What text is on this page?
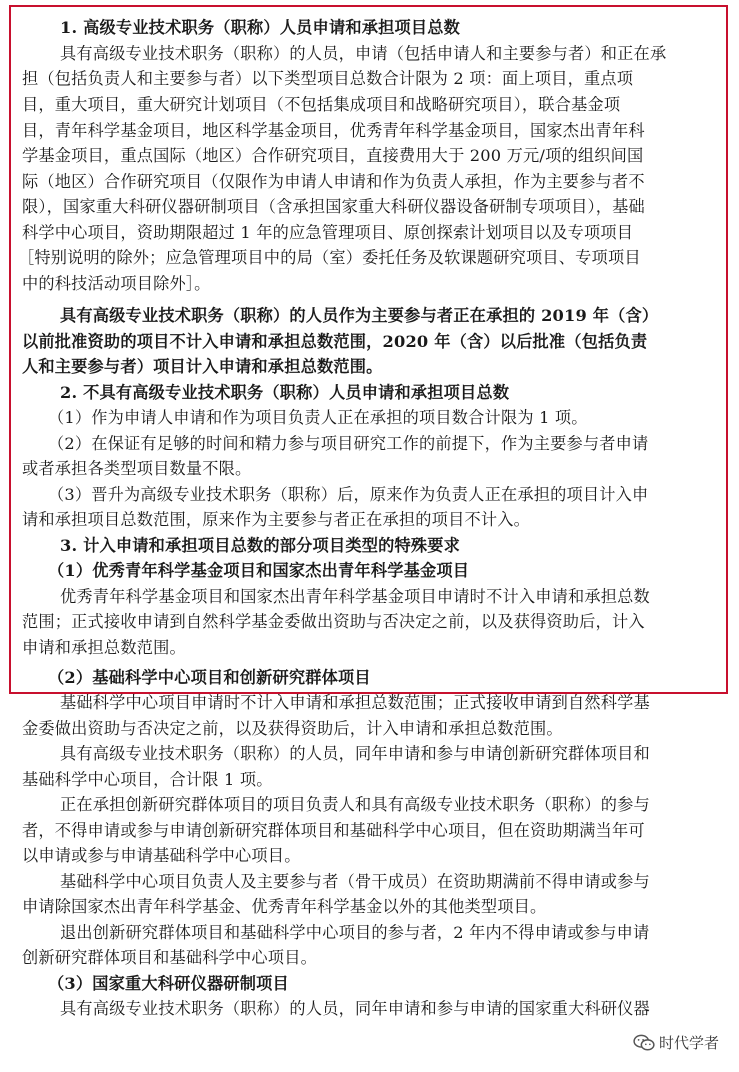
1. 高级专业技术职务（职称）人员申请和承担项目总数
具有高级专业技术职务（职称）的人员，申请（包括申请人和主要参与者）和正在承
担（包括负责人和主要参与者）以下类型项目总数合计限为 2 项：面上项目，重点项
目，重大项目，重大研究计划项目（不包括集成项目和战略研究项目），联合基金项
目，青年科学基金项目，地区科学基金项目，优秀青年科学基金项目，国家杰出青年科
学基金项目，重点国际（地区）合作研究项目，直接费用大于 200 万元/项的组织间国
际（地区）合作研究项目（仅限作为申请人申请和作为负责人承担，作为主要参与者不
限），国家重大科研仪器研制项目（含承担国家重大科研仪器设备研制专项项目），基础
科学中心项目，资助期限超过 1 年的应急管理项目、原创探索计划项目以及专项项目
［特别说明的除外；应急管理项目中的局（室）委托任务及软课题研究项目、专项项目
中的科技活动项目除外］。
具有高级专业技术职务（职称）的人员作为主要参与者正在承担的 2019 年（含）
以前批准资助的项目不计入申请和承担总数范围，2020 年（含）以后批准（包括负责
人和主要参与者）项目计入申请和承担总数范围。
2. 不具有高级专业技术职务（职称）人员申请和承担项目总数
（1）作为申请人申请和作为项目负责人正在承担的项目数合计限为 1 项。
（2）在保证有足够的时间和精力参与项目研究工作的前提下，作为主要参与者申请
或者承担各类型项目数量不限。
（3）晋升为高级专业技术职务（职称）后，原来作为负责人正在承担的项目计入申
请和承担项目总数范围，原来作为主要参与者正在承担的项目不计入。
3. 计入申请和承担项目总数的部分项目类型的特殊要求
（1）优秀青年科学基金项目和国家杰出青年科学基金项目
优秀青年科学基金项目和国家杰出青年科学基金项目申请时不计入申请和承担总数
范围；正式接收申请到自然科学基金委做出资助与否决定之前，以及获得资助后，计入
申请和承担总数范围。
（2）基础科学中心项目和创新研究群体项目
基础科学中心项目申请时不计入申请和承担总数范围；正式接收申请到自然科学基
金委做出资助与否决定之前，以及获得资助后，计入申请和承担总数范围。
具有高级专业技术职务（职称）的人员，同年申请和参与申请创新研究群体项目和
基础科学中心项目，合计限 1 项。
正在承担创新研究群体项目的项目负责人和具有高级专业技术职务（职称）的参与
者，不得申请或参与申请创新研究群体项目和基础科学中心项目，但在资助期满当年可
以申请或参与申请基础科学中心项目。
基础科学中心项目负责人及主要参与者（骨干成员）在资助期满前不得申请或参与
申请除国家杰出青年科学基金、优秀青年科学基金以外的其他类型项目。
退出创新研究群体项目和基础科学中心项目的参与者，2 年内不得申请或参与申请
创新研究群体项目和基础科学中心项目。
（3）国家重大科研仪器研制项目
具有高级专业技术职务（职称）的人员，同年申请和参与申请的国家重大科研仪器
时代学者
